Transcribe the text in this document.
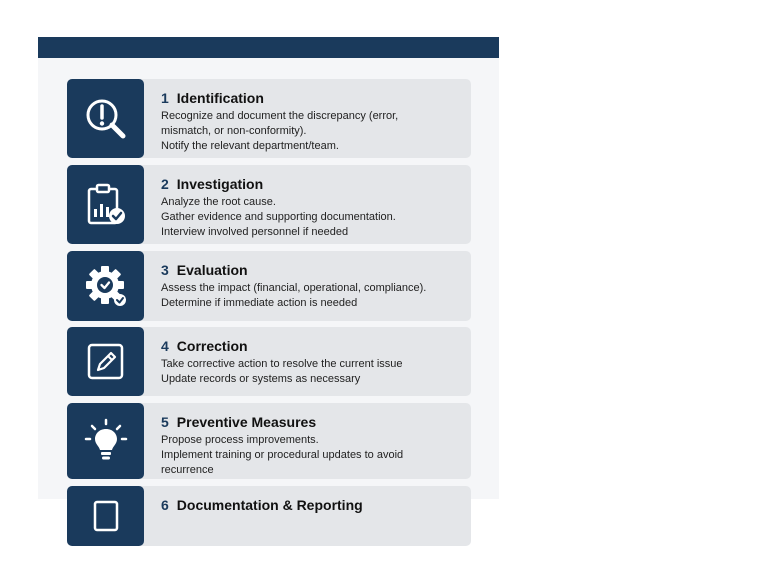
1 Identification
Recognize and document the discrepancy (error,
mismatch, or non-conformity).
Notify the relevant department/team.
2 Investigation
Analyze the root cause.
Gather evidence and supporting documentation.
Interview involved personnel if needed
3 Evaluation
Assess the impact (financial, operational, compliance).
Determine if immediate action is needed
4 Correction
Take corrective action to resolve the current issue
Update records or systems as necessary
5 Preventive Measures
Propose process improvements.
Implement training or procedural updates to avoid
recurrence
6 Documentation & Reporting
